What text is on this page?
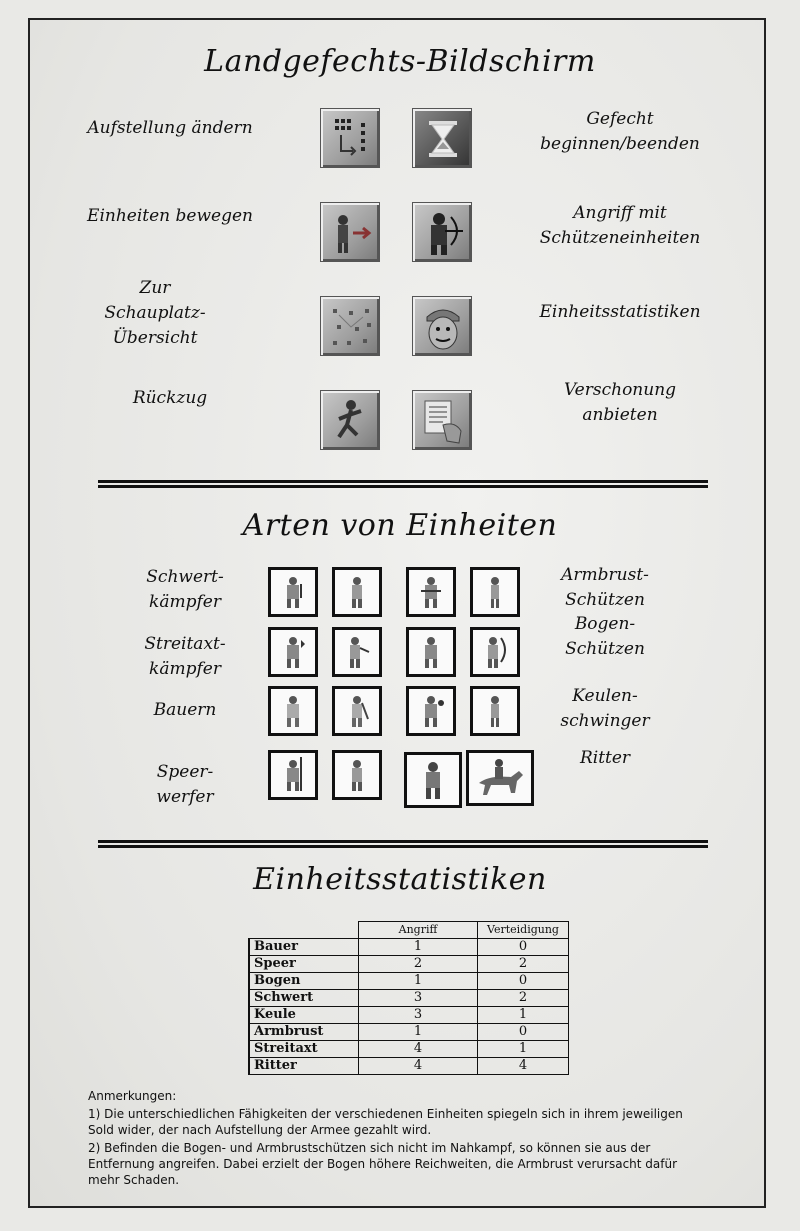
Landgefechts-Bildschirm
Aufstellung ändern
Einheiten bewegen
Zur
Schauplatz-
Übersicht
Rückzug
Gefecht
beginnen/beenden
Angriff mit
Schützeneinheiten
Einheitsstatistiken
Verschonung
anbieten
Arten von Einheiten
Schwert-
kämpfer
Streitaxt-
kämpfer
Bauern
Speer-
werfer
Armbrust-
Schützen
Bogen-
Schützen
Keulen-
schwinger
Ritter
Einheitsstatistiken
	Angriff	Verteidigung
Bauer	1	0
Speer	2	2
Bogen	1	0
Schwert	3	2
Keule	3	1
Armbrust	1	0
Streitaxt	4	1
Ritter	4	4

Anmerkungen:

1) Die unterschiedlichen Fähigkeiten der verschiedenen Einheiten spiegeln sich in ihrem jeweiligen Sold wider, der nach Aufstellung der Armee gezahlt wird.

2) Befinden die Bogen- und Armbrustschützen sich nicht im Nahkampf, so können sie aus der Entfernung angreifen. Dabei erzielt der Bogen höhere Reichweiten, die Armbrust verursacht dafür mehr Schaden.
